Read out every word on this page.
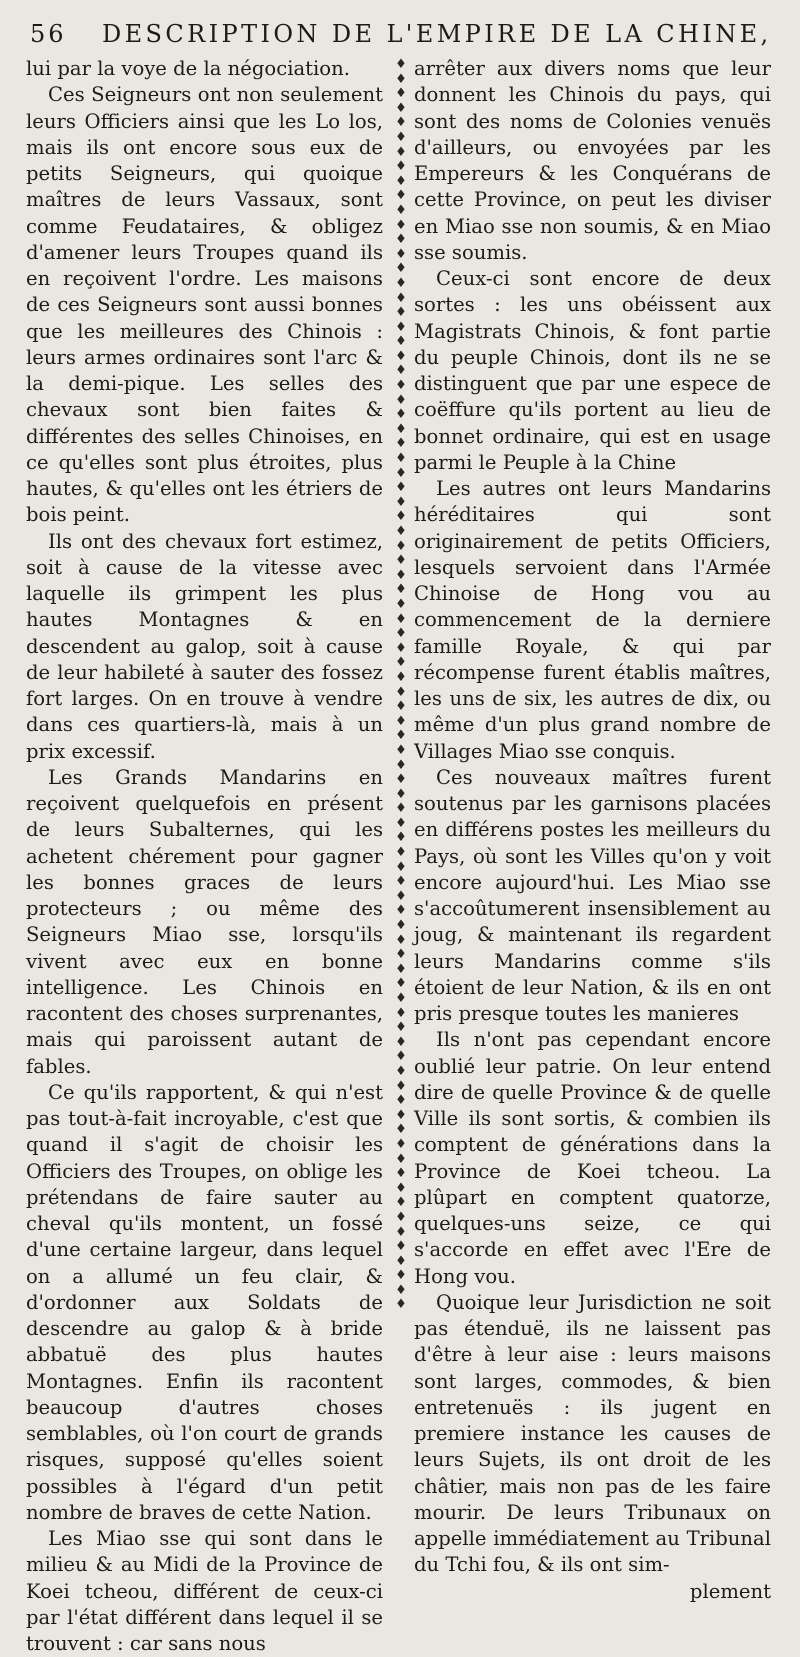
56 DESCRIPTION DE L'EMPIRE DE LA CHINE,

lui par la voye de la négociation.

Ces Seigneurs ont non seulement leurs Officiers ainsi que les Lo los, mais ils ont encore sous eux de petits Seigneurs, qui quoique maîtres de leurs Vassaux, sont comme Feudataires, & obligez d'amener leurs Troupes quand ils en reçoivent l'ordre. Les maisons de ces Seigneurs sont aussi bonnes que les meilleures des Chinois : leurs armes ordinaires sont l'arc & la demi-pique. Les selles des chevaux sont bien faites & différentes des selles Chinoises, en ce qu'elles sont plus étroites, plus hautes, & qu'elles ont les étriers de bois peint.

Ils ont des chevaux fort estimez, soit à cause de la vitesse avec laquelle ils grimpent les plus hautes Montagnes & en descendent au galop, soit à cause de leur habileté à sauter des fossez fort larges. On en trouve à vendre dans ces quartiers-là, mais à un prix excessif.

Les Grands Mandarins en reçoivent quelquefois en présent de leurs Subalternes, qui les achetent chérement pour gagner les bonnes graces de leurs protecteurs ; ou même des Seigneurs Miao sse, lorsqu'ils vivent avec eux en bonne intelligence. Les Chinois en racontent des choses surprenantes, mais qui paroissent autant de fables.

Ce qu'ils rapportent, & qui n'est pas tout-à-fait incroyable, c'est que quand il s'agit de choisir les Officiers des Troupes, on oblige les prétendans de faire sauter au cheval qu'ils montent, un fossé d'une certaine largeur, dans lequel on a allumé un feu clair, & d'ordonner aux Soldats de descendre au galop & à bride abbatuë des plus hautes Montagnes. Enfin ils racontent beaucoup d'autres choses semblables, où l'on court de grands risques, supposé qu'elles soient possibles à l'égard d'un petit nombre de braves de cette Nation.

Les Miao sse qui sont dans le milieu & au Midi de la Province de Koei tcheou, différent de ceux-ci par l'état différent dans lequel il se trouvent : car sans nous

♦ ♦ ♦ ♦ ♦ ♦ ♦ ♦ ♦ ♦ ♦ ♦ ♦ ♦ ♦ ♦ ♦ ♦ ♦ ♦ ♦ ♦ ♦ ♦ ♦ ♦ ♦ ♦ ♦ ♦ ♦ ♦ ♦ ♦ ♦ ♦ ♦ ♦ ♦ ♦ ♦ ♦ ♦ ♦ ♦ ♦ ♦ ♦ ♦ ♦ ♦ ♦ ♦ ♦ ♦ ♦ ♦ ♦ ♦ ♦ ♦ ♦ ♦ ♦ ♦ ♦ ♦ ♦ ♦ ♦ ♦ ♦ ♦ ♦ ♦ ♦ ♦ ♦ ♦ ♦ ♦ ♦ ♦ ♦ ♦ ♦

arrêter aux divers noms que leur donnent les Chinois du pays, qui sont des noms de Colonies venuës d'ailleurs, ou envoyées par les Empereurs & les Conquérans de cette Province, on peut les diviser en Miao sse non soumis, & en Miao sse soumis.

Ceux-ci sont encore de deux sortes : les uns obéissent aux Magistrats Chinois, & font partie du peuple Chinois, dont ils ne se distinguent que par une espece de coëffure qu'ils portent au lieu de bonnet ordinaire, qui est en usage parmi le Peuple à la Chine

Les autres ont leurs Mandarins héréditaires qui sont originairement de petits Officiers, lesquels servoient dans l'Armée Chinoise de Hong vou au commencement de la derniere famille Royale, & qui par récompense furent établis maîtres, les uns de six, les autres de dix, ou même d'un plus grand nombre de Villages Miao sse conquis.

Ces nouveaux maîtres furent soutenus par les garnisons placées en différens postes les meilleurs du Pays, où sont les Villes qu'on y voit encore aujourd'hui. Les Miao sse s'accoûtumerent insensiblement au joug, & maintenant ils regardent leurs Mandarins comme s'ils étoient de leur Nation, & ils en ont pris presque toutes les manieres

Ils n'ont pas cependant encore oublié leur patrie. On leur entend dire de quelle Province & de quelle Ville ils sont sortis, & combien ils comptent de générations dans la Province de Koei tcheou. La plûpart en comptent quatorze, quelques-uns seize, ce qui s'accorde en effet avec l'Ere de Hong vou.

Quoique leur Jurisdiction ne soit pas étenduë, ils ne laissent pas d'être à leur aise : leurs maisons sont larges, commodes, & bien entretenuës : ils jugent en premiere instance les causes de leurs Sujets, ils ont droit de les châtier, mais non pas de les faire mourir. De leurs Tribunaux on appelle immédiatement au Tribunal du Tchi fou, & ils ont sim-

plement
